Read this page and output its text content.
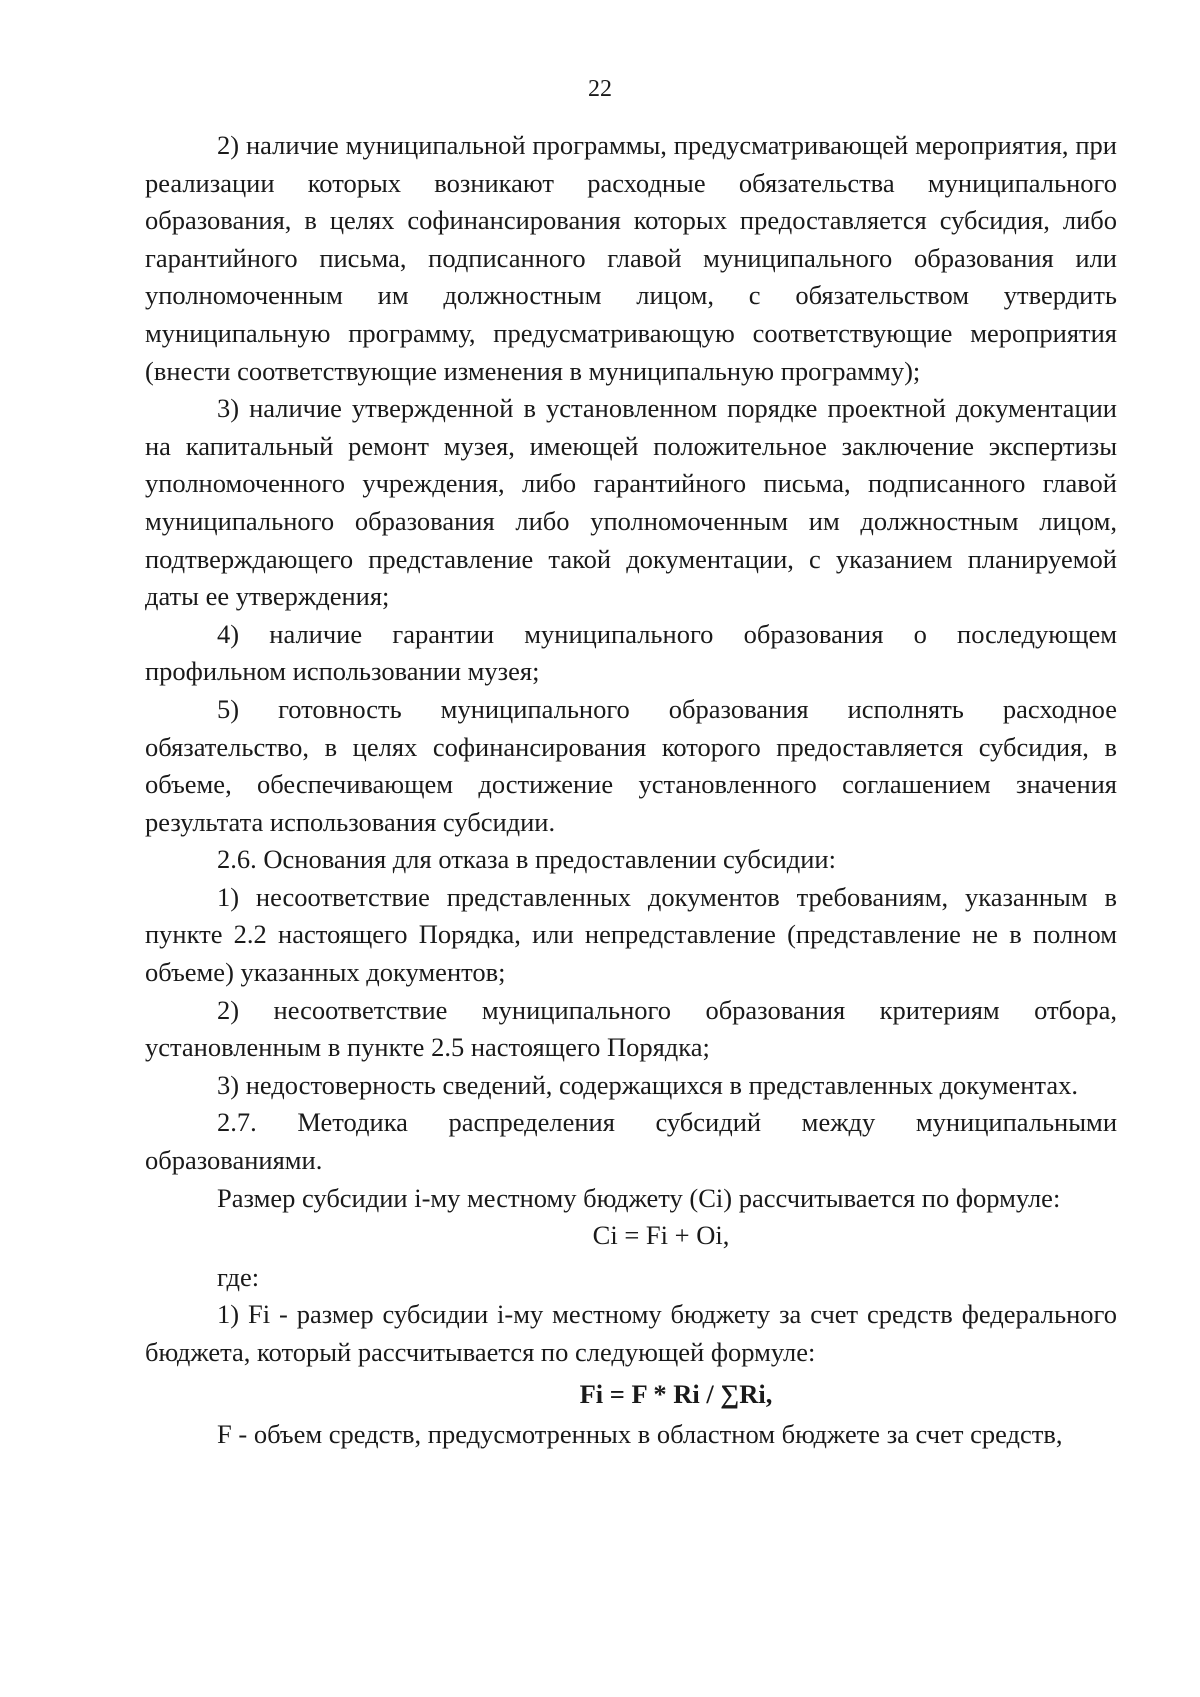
22

2) наличие муниципальной программы, предусматривающей мероприятия, при реализации которых возникают расходные обязательства муниципального образования, в целях софинансирования которых предоставляется субсидия, либо гарантийного письма, подписанного главой муниципального образования или уполномоченным им должностным лицом, с обязательством утвердить муниципальную программу, предусматривающую соответствующие мероприятия (внести соответствующие изменения в муниципальную программу);

3) наличие утвержденной в установленном порядке проектной документации на капитальный ремонт музея, имеющей положительное заключение экспертизы уполномоченного учреждения, либо гарантийного письма, подписанного главой муниципального образования либо уполномоченным им должностным лицом, подтверждающего представление такой документации, с указанием планируемой даты ее утверждения;

4) наличие гарантии муниципального образования о последующем профильном использовании музея;

5) готовность муниципального образования исполнять расходное обязательство, в целях софинансирования которого предоставляется субсидия, в объеме, обеспечивающем достижение установленного соглашением значения результата использования субсидии.

2.6. Основания для отказа в предоставлении субсидии:

1) несоответствие представленных документов требованиям, указанным в пункте 2.2 настоящего Порядка, или непредставление (представление не в полном объеме) указанных документов;

2) несоответствие муниципального образования критериям отбора, установленным в пункте 2.5 настоящего Порядка;

3) недостоверность сведений, содержащихся в представленных документах.

2.7. Методика распределения субсидий между муниципальными образованиями.

Размер субсидии i-му местному бюджету (Ci) рассчитывается по формуле:

Ci = Fi + Oi,

где:

1) Fi - размер субсидии i-му местному бюджету за счет средств федерального бюджета, который рассчитывается по следующей формуле:

Fi = F * Ri / ∑Ri,

F - объем средств, предусмотренных в областном бюджете за счет средств,
